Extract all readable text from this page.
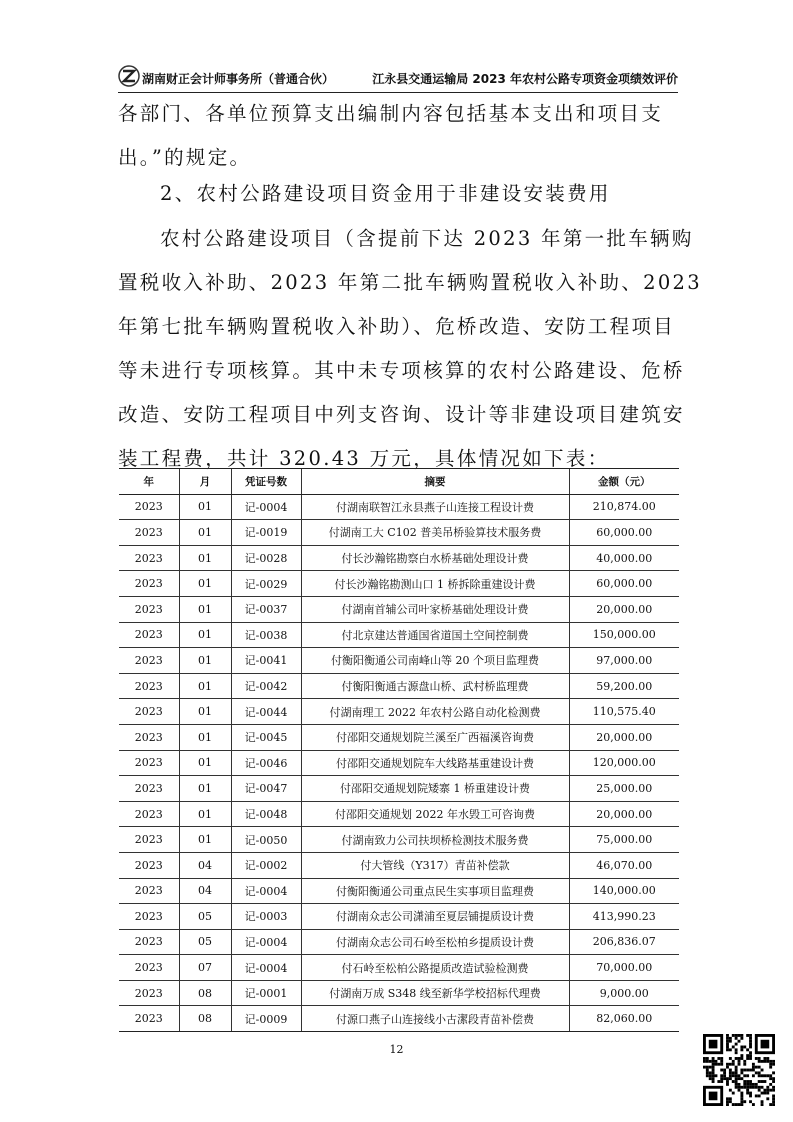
湖南财正会计师事务所（普通合伙）	江永县交通运输局 2023 年农村公路专项资金项绩效评价

各部门、各单位预算支出编制内容包括基本支出和项目支

出。”的规定。

2、农村公路建设项目资金用于非建设安装费用

农村公路建设项目（含提前下达 2023 年第一批车辆购

置税收入补助、2023 年第二批车辆购置税收入补助、2023

年第七批车辆购置税收入补助）、危桥改造、安防工程项目

等未进行专项核算。其中未专项核算的农村公路建设、危桥

改造、安防工程项目中列支咨询、设计等非建设项目建筑安

装工程费，共计 320.43 万元，具体情况如下表：

年	月	凭证号数	摘要	金额（元）
2023	01	记-0004	付湖南联智江永县燕子山连接工程设计费	210,874.00
2023	01	记-0019	付湖南工大 C102 普美吊桥验算技术服务费	60,000.00
2023	01	记-0028	付长沙瀚铭勘察白水桥基础处理设计费	40,000.00
2023	01	记-0029	付长沙瀚铭勘测山口 1 桥拆除重建设计费	60,000.00
2023	01	记-0037	付湖南首辅公司叶家桥基础处理设计费	20,000.00
2023	01	记-0038	付北京建达普通国省道国土空间控制费	150,000.00
2023	01	记-0041	付衡阳衡通公司南峰山等 20 个项目监理费	97,000.00
2023	01	记-0042	付衡阳衡通古源盘山桥、武村桥监理费	59,200.00
2023	01	记-0044	付湖南理工 2022 年农村公路自动化检测费	110,575.40
2023	01	记-0045	付邵阳交通规划院兰溪至广西福溪咨询费	20,000.00
2023	01	记-0046	付邵阳交通规划院车大线路基重建设计费	120,000.00
2023	01	记-0047	付邵阳交通规划院矮寨 1 桥重建设计费	25,000.00
2023	01	记-0048	付邵阳交通规划 2022 年水毁工可咨询费	20,000.00
2023	01	记-0050	付湖南致力公司扶坝桥检测技术服务费	75,000.00
2023	04	记-0002	付大管线（Y317）青苗补偿款	46,070.00
2023	04	记-0004	付衡阳衡通公司重点民生实事项目监理费	140,000.00
2023	05	记-0003	付湖南众志公司潇浦至夏层铺提质设计费	413,990.23
2023	05	记-0004	付湖南众志公司石岭至松柏乡提质设计费	206,836.07
2023	07	记-0004	付石岭至松柏公路提质改造试验检测费	70,000.00
2023	08	记-0001	付湖南万成 S348 线至新华学校招标代理费	9,000.00
2023	08	记-0009	付源口燕子山连接线小古潔段青苗补偿费	82,060.00
12
